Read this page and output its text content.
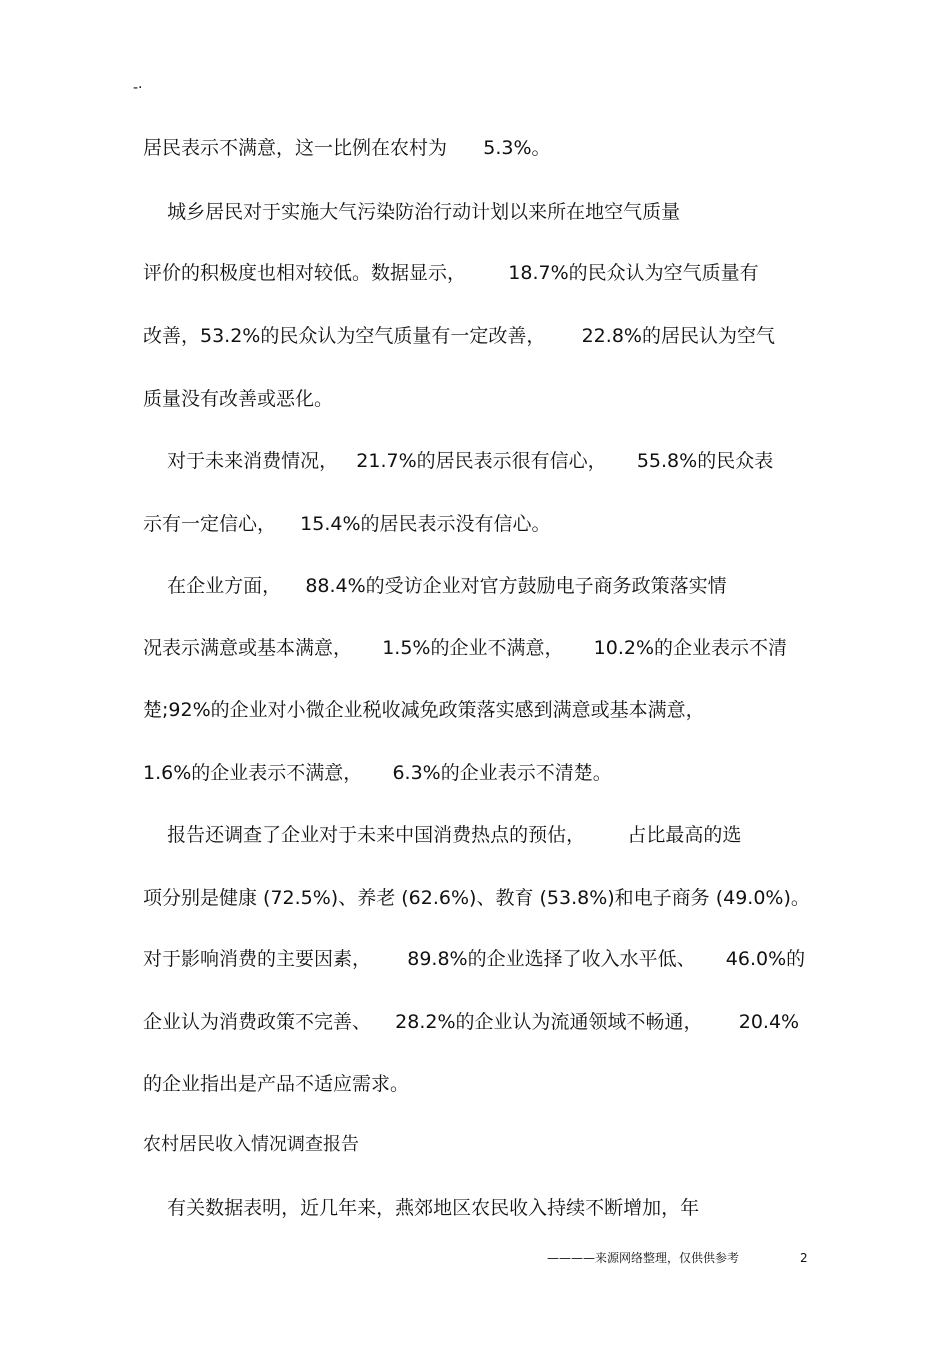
-·
居民表示不满意，这一比例在农村为      5.3%。
城乡居民对于实施大气污染防治行动计划以来所在地空气质量
评价的积极度也相对较低。数据显示，       18.7%的民众认为空气质量有
改善，53.2%的民众认为空气质量有一定改善，      22.8%的居民认为空气
质量没有改善或恶化。
对于未来消费情况，   21.7%的居民表示很有信心，     55.8%的民众表
示有一定信心，    15.4%的居民表示没有信心。
在企业方面，    88.4%的受访企业对官方鼓励电子商务政策落实情
况表示满意或基本满意，     1.5%的企业不满意，     10.2%的企业表示不清
楚;92%的企业对小微企业税收减免政策落实感到满意或基本满意，
1.6%的企业表示不满意，     6.3%的企业表示不清楚。
报告还调查了企业对于未来中国消费热点的预估，       占比最高的选
项分别是健康 (72.5%)、养老 (62.6%)、教育 (53.8%)和电子商务 (49.0%)。
对于影响消费的主要因素，      89.8%的企业选择了收入水平低、     46.0%的
企业认为消费政策不完善、    28.2%的企业认为流通领域不畅通，      20.4%
的企业指出是产品不适应需求。
农村居民收入情况调查报告
有关数据表明，近几年来，燕郊地区农民收入持续不断增加，年
————来源网络整理，仅供供参考	2
